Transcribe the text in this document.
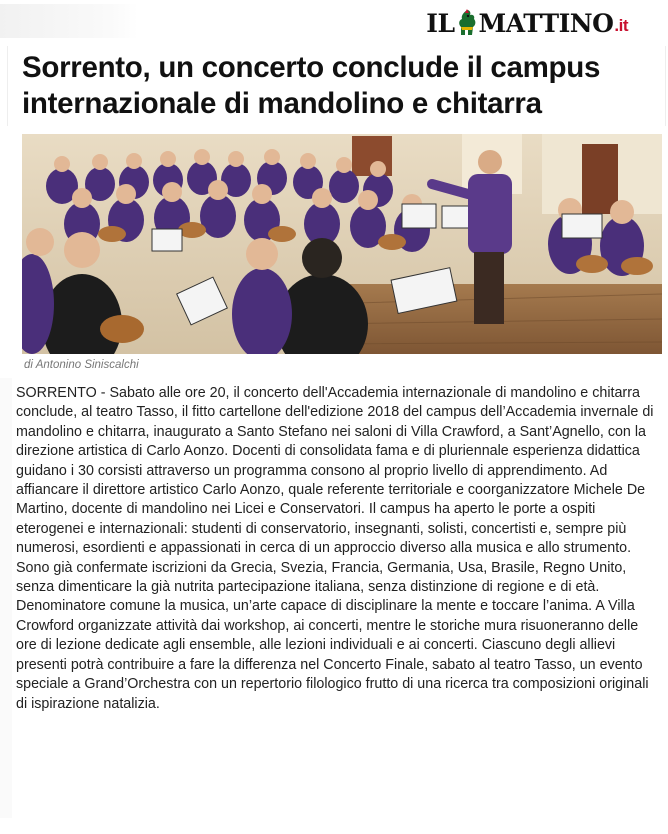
IL MATTINO .it
Sorrento, un concerto conclude il campus internazionale di mandolino e chitarra
di Antonino Siniscalchi

SORRENTO - Sabato alle ore 20, il concerto dell'Accademia internazionale di mandolino e chitarra conclude, al teatro Tasso, il fitto cartellone dell'edizione 2018 del campus dell’Accademia invernale di mandolino e chitarra, inaugurato a Santo Stefano nei saloni di Villa Crawford, a Sant’Agnello, con la direzione artistica di Carlo Aonzo. Docenti di consolidata fama e di pluriennale esperienza didattica guidano i 30 corsisti attraverso un programma consono al proprio livello di apprendimento. Ad affiancare il direttore artistico Carlo Aonzo, quale referente territoriale e coorganizzatore Michele De Martino, docente di mandolino nei Licei e Conservatori. Il campus ha aperto le porte a ospiti eterogenei e internazionali: studenti di conservatorio, insegnanti, solisti, concertisti e, sempre più numerosi, esordienti e appassionati in cerca di un approccio diverso alla musica e allo strumento. Sono già confermate iscrizioni da Grecia, Svezia, Francia, Germania, Usa, Brasile, Regno Unito, senza dimenticare la già nutrita partecipazione italiana, senza distinzione di regione e di età. Denominatore comune la musica, un’arte capace di disciplinare la mente e toccare l’anima. A Villa Crowford organizzate attività dai workshop, ai concerti, mentre le storiche mura risuoneranno delle ore di lezione dedicate agli ensemble, alle lezioni individuali e ai concerti. Ciascuno degli allievi presenti potrà contribuire a fare la differenza nel Concerto Finale, sabato al teatro Tasso, un evento speciale a Grand’Orchestra con un repertorio filologico frutto di una ricerca tra composizioni originali di ispirazione natalizia.
